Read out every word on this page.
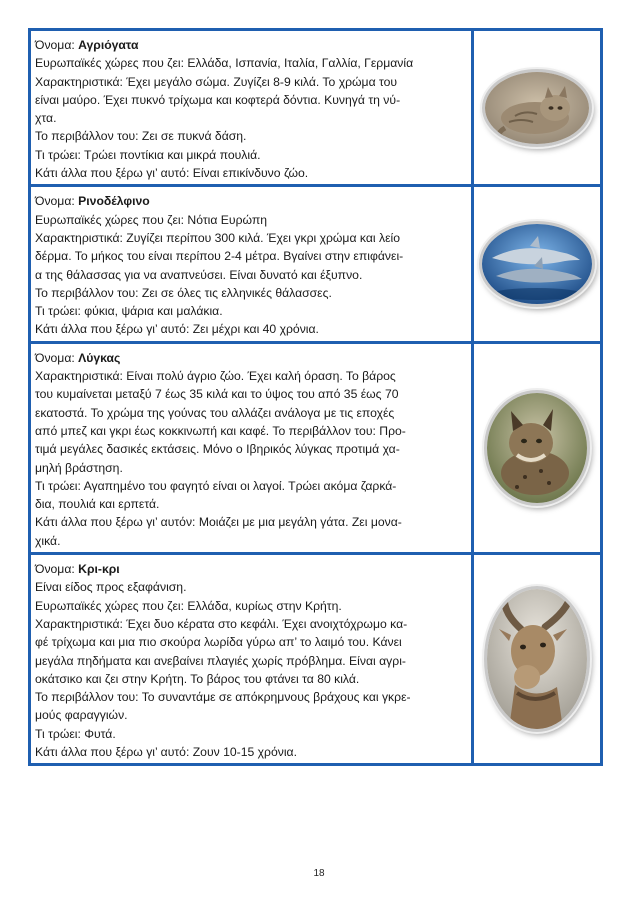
Όνομα: Αγριόγατα
Ευρωπαϊκές χώρες που ζει: Ελλάδα, Ισπανία, Ιταλία, Γαλλία, Γερμανία
Χαρακτηριστικά: Έχει μεγάλο σώμα. Ζυγίζει 8-9 κιλά. Το χρώμα του
είναι μαύρο. Έχει πυκνό τρίχωμα και κοφτερά δόντια. Κυνηγά τη νύ-
χτα.
Το περιβάλλον του: Ζει σε πυκνά δάση.
Τι τρώει: Τρώει ποντίκια και μικρά πουλιά.
Κάτι άλλα που ξέρω γι’ αυτό: Είναι επικίνδυνο ζώο.
Όνομα: Ρινοδέλφινο
Ευρωπαϊκές χώρες που ζει: Νότια Ευρώπη
Χαρακτηριστικά: Ζυγίζει περίπου 300 κιλά. Έχει γκρι χρώμα και λείο
δέρμα. Το μήκος του είναι περίπου 2-4 μέτρα. Βγαίνει στην επιφάνει-
α της θάλασσας για να αναπνεύσει. Είναι δυνατό και έξυπνο.
Το περιβάλλον του: Ζει σε όλες τις ελληνικές θάλασσες.
Τι τρώει: φύκια, ψάρια και μαλάκια.
Κάτι άλλα που ξέρω γι’ αυτό: Ζει μέχρι και 40 χρόνια.
Όνομα: Λύγκας
Χαρακτηριστικά: Είναι πολύ άγριο ζώο. Έχει καλή όραση. Το βάρος
του κυμαίνεται μεταξύ 7 έως 35 κιλά και το ύψος του από 35 έως 70
εκατοστά. Το χρώμα της γούνας του αλλάζει ανάλογα με τις εποχές
από μπεζ και γκρι έως κοκκινωπή και καφέ. Το περιβάλλον του: Προ-
τιμά μεγάλες δασικές εκτάσεις. Μόνο ο Ιβηρικός λύγκας προτιμά χα-
μηλή βράστηση.
Τι τρώει: Αγαπημένο του φαγητό είναι οι λαγοί. Τρώει ακόμα ζαρκά-
δια, πουλιά και ερπετά.
Κάτι άλλα που ξέρω γι’ αυτόν: Μοιάζει με μια μεγάλη γάτα. Ζει μονα-
χικά.
Όνομα: Κρι-κρι
Είναι είδος προς εξαφάνιση.
Ευρωπαϊκές χώρες που ζει: Ελλάδα, κυρίως στην Κρήτη.
Χαρακτηριστικά: Έχει δυο κέρατα στο κεφάλι. Έχει ανοιχτόχρωμο κα-
φέ τρίχωμα και μια πιο σκούρα λωρίδα γύρω απ’ το λαιμό του. Κάνει
μεγάλα πηδήματα και ανεβαίνει πλαγιές χωρίς πρόβλημα. Είναι αγρι-
οκάτσικο και ζει στην Κρήτη. Το βάρος του φτάνει τα 80 κιλά.
Το περιβάλλον του: Το συναντάμε σε απόκρημνους βράχους και γκρε-
μούς φαραγγιών.
Τι τρώει: Φυτά.
Κάτι άλλα που ξέρω γι’ αυτό: Ζουν 10-15 χρόνια.
18
